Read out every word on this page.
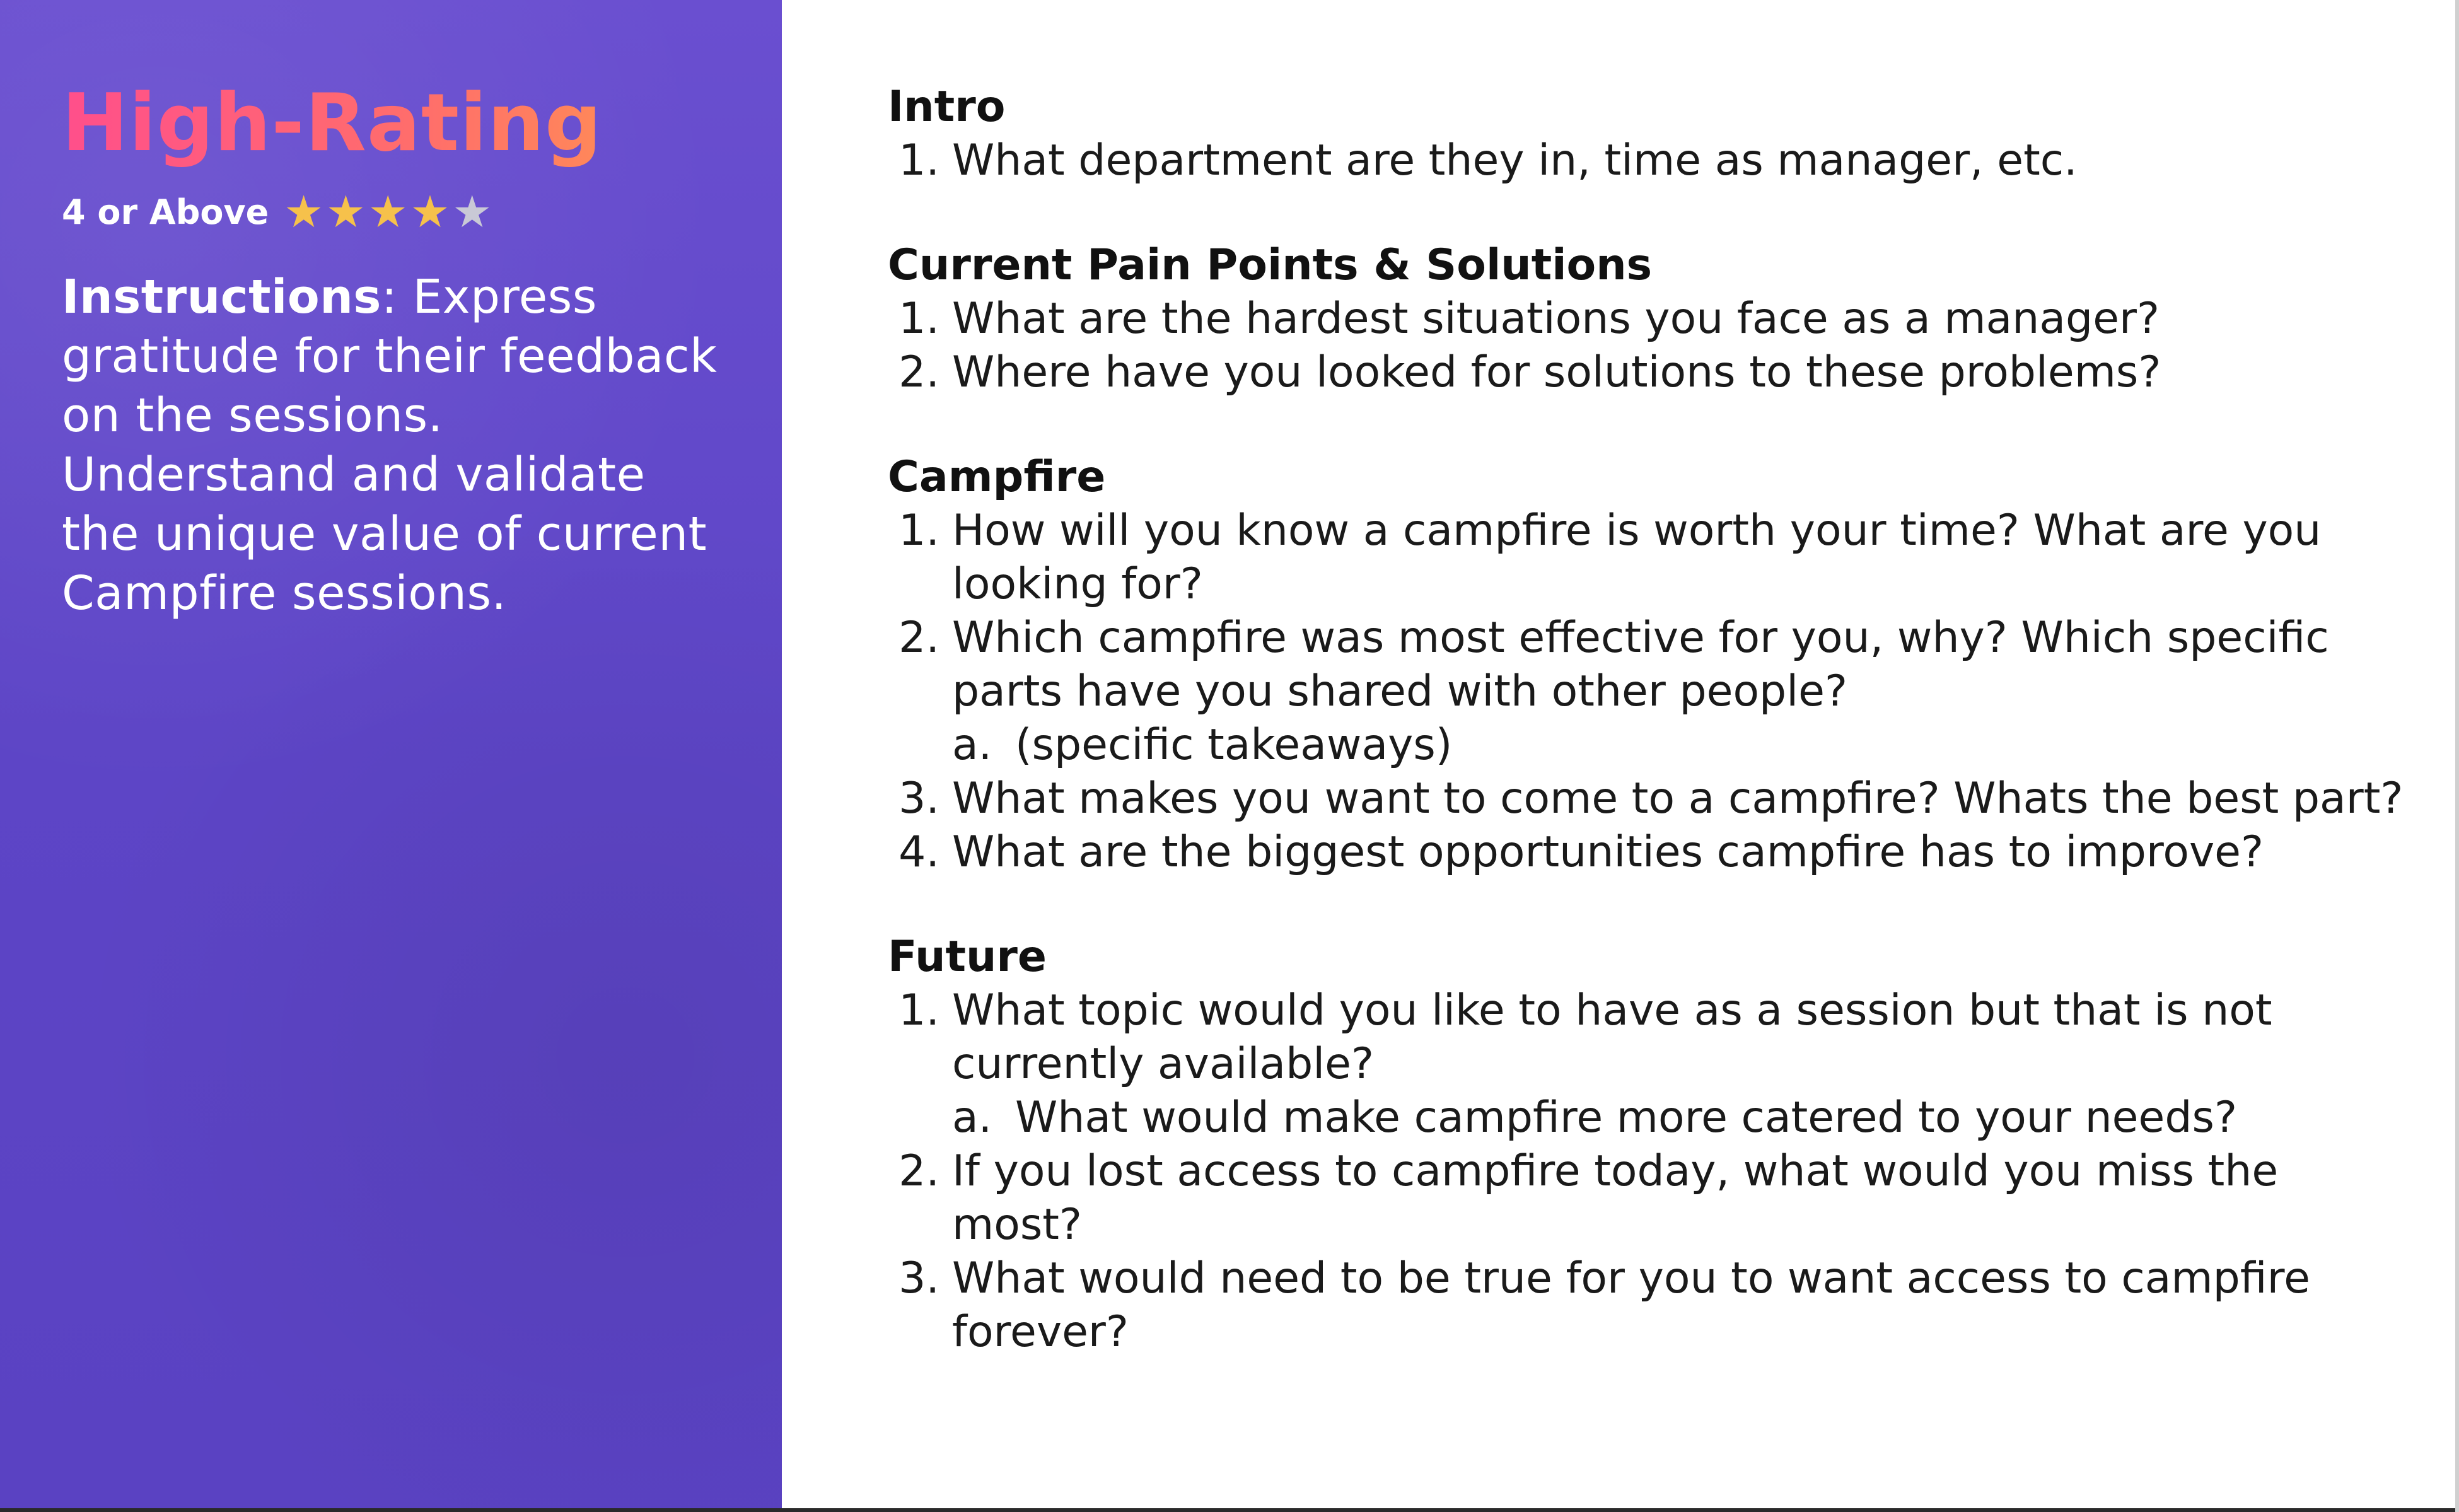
High-Rating
4 or Above ★ ★ ★ ★ ★
Instructions: Express gratitude for their feedback on the sessions. Understand and validate the unique value of current Campfire sessions.
Intro
1. What department are they in, time as manager, etc.
Current Pain Points & Solutions
1. What are the hardest situations you face as a manager?
2. Where have you looked for solutions to these problems?
Campfire
1. How will you know a campfire is worth your time? What are you looking for?
2. Which campfire was most effective for you, why? Which specific parts have you shared with other people?
a. (specific takeaways)
3. What makes you want to come to a campfire? Whats the best part?
4. What are the biggest opportunities campfire has to improve?
Future
1. What topic would you like to have as a session but that is not currently available?
a. What would make campfire more catered to your needs?
2. If you lost access to campfire today, what would you miss the most?
3. What would need to be true for you to want access to campfire forever?
